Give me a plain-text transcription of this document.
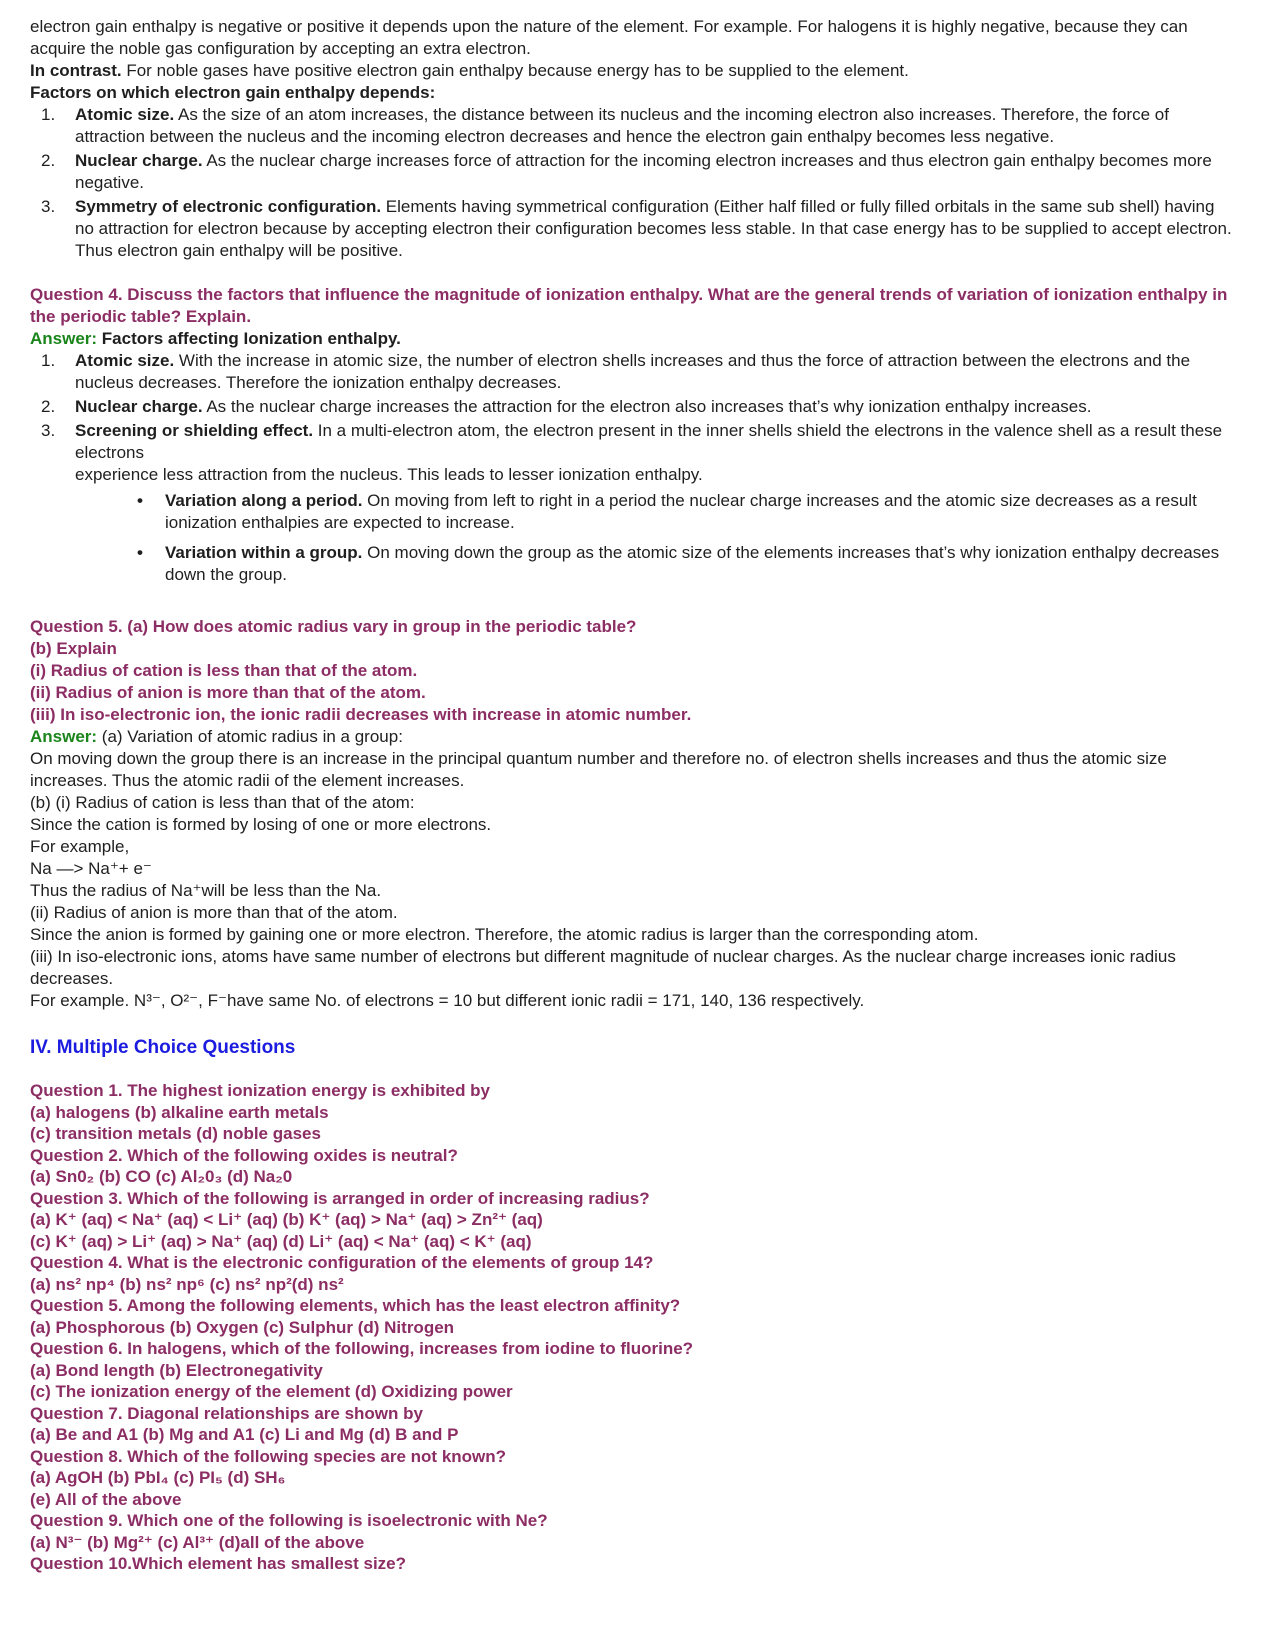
electron gain enthalpy is negative or positive it depends upon the nature of the element. For example. For halogens it is highly negative, because they can acquire the noble gas configuration by accepting an extra electron.
In contrast. For noble gases have positive electron gain enthalpy because energy has to be supplied to the element.
Factors on which electron gain enthalpy depends:
Atomic size. As the size of an atom increases, the distance between its nucleus and the incoming electron also increases. Therefore, the force of attraction between the nucleus and the incoming electron decreases and hence the electron gain enthalpy becomes less negative.
Nuclear charge. As the nuclear charge increases force of attraction for the incoming electron increases and thus electron gain enthalpy becomes more negative.
Symmetry of electronic configuration. Elements having symmetrical configuration (Either half filled or fully filled orbitals in the same sub shell) having no attraction for electron because by accepting electron their configuration becomes less stable. In that case energy has to be supplied to accept electron. Thus electron gain enthalpy will be positive.
Question 4. Discuss the factors that influence the magnitude of ionization enthalpy. What are the general trends of variation of ionization enthalpy in the periodic table? Explain.
Answer: Factors affecting Ionization enthalpy.
Atomic size. With the increase in atomic size, the number of electron shells increases and thus the force of attraction between the electrons and the nucleus decreases. Therefore the ionization enthalpy decreases.
Nuclear charge. As the nuclear charge increases the attraction for the electron also increases that’s why ionization enthalpy increases.
Screening or shielding effect. In a multi-electron atom, the electron present in the inner shells shield the electrons in the valence shell as a result these electrons
experience less attraction from the nucleus. This leads to lesser ionization enthalpy.
• Variation along a period. On moving from left to right in a period the nuclear charge increases and the atomic size decreases as a result ionization enthalpies are expected to increase.
• Variation within a group. On moving down the group as the atomic size of the elements increases that’s why ionization enthalpy decreases down the group.
Question 5. (a) How does atomic radius vary in group in the periodic table?
(b) Explain
(i) Radius of cation is less than that of the atom.
(ii) Radius of anion is more than that of the atom.
(iii) In iso-electronic ion, the ionic radii decreases with increase in atomic number.
Answer: (a) Variation of atomic radius in a group:
On moving down the group there is an increase in the principal quantum number and therefore no. of electron shells increases and thus the atomic size increases. Thus the atomic radii of the element increases.
(b) (i) Radius of cation is less than that of the atom:
Since the cation is formed by losing of one or more electrons.
For example,
Na —> Na⁺+ e⁻
Thus the radius of Na⁺will be less than the Na.
(ii) Radius of anion is more than that of the atom.
Since the anion is formed by gaining one or more electron. Therefore, the atomic radius is larger than the corresponding atom.
(iii) In iso-electronic ions, atoms have same number of electrons but different magnitude of nuclear charges. As the nuclear charge increases ionic radius decreases.
For example. N³⁻, O²⁻, F⁻have same No. of electrons = 10 but different ionic radii = 171, 140, 136 respectively.
IV. Multiple Choice Questions
Question 1. The highest ionization energy is exhibited by
(a) halogens (b) alkaline earth metals
(c) transition metals (d) noble gases
Question 2. Which of the following oxides is neutral?
(a) Sn0₂ (b) CO (c) Al₂0₃ (d) Na₂0
Question 3. Which of the following is arranged in order of increasing radius?
(a) K⁺ (aq) < Na⁺ (aq) < Li⁺ (aq) (b) K⁺ (aq) > Na⁺ (aq) > Zn²⁺ (aq)
(c) K⁺ (aq) > Li⁺ (aq) > Na⁺ (aq) (d) Li⁺ (aq) < Na⁺ (aq) < K⁺ (aq)
Question 4. What is the electronic configuration of the elements of group 14?
(a) ns² np⁴ (b) ns² np⁶ (c) ns² np²(d) ns²
Question 5. Among the following elements, which has the least electron affinity?
(a) Phosphorous (b) Oxygen (c) Sulphur (d) Nitrogen
Question 6. In halogens, which of the following, increases from iodine to fluorine?
(a) Bond length (b) Electronegativity
(c) The ionization energy of the element (d) Oxidizing power
Question 7. Diagonal relationships are shown by
(a) Be and A1 (b) Mg and A1 (c) Li and Mg (d) B and P
Question 8. Which of the following species are not known?
(a) AgOH (b) PbI₄ (c) PI₅ (d) SH₆
(e) All of the above
Question 9. Which one of the following is isoelectronic with Ne?
(a) N³⁻ (b) Mg²⁺ (c) Al³⁺ (d)all of the above
Question 10.Which element has smallest size?
